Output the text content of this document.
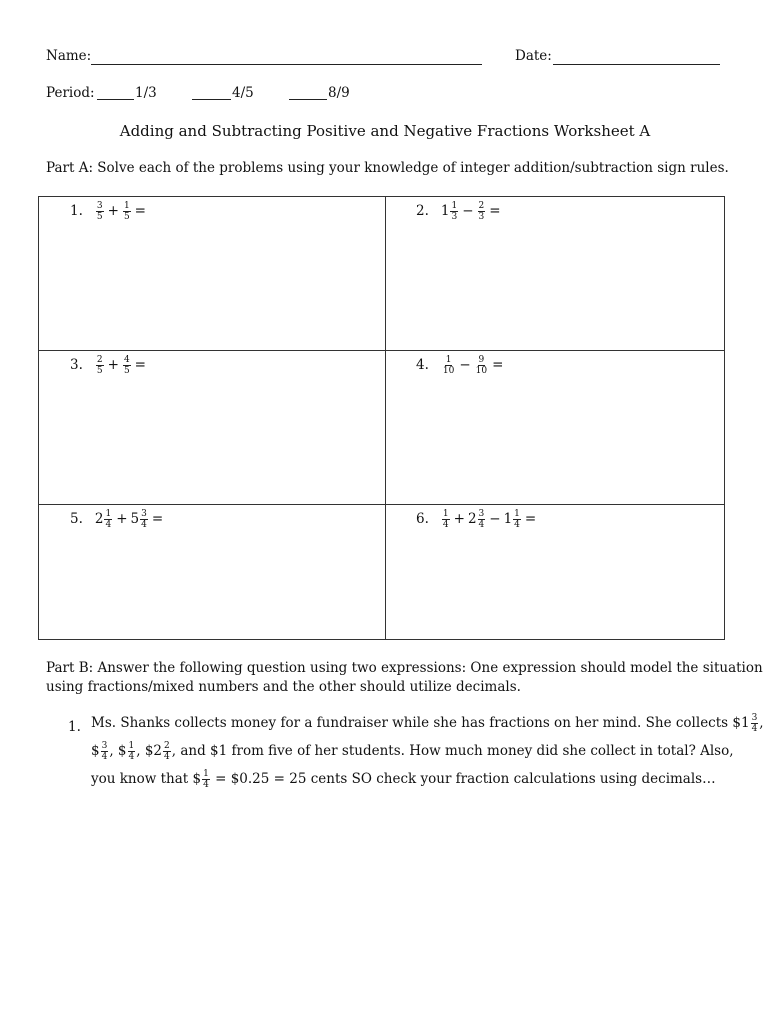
Name:	Date:
Period:	1/3	4/5	8/9
Adding and Subtracting Positive and Negative Fractions Worksheet A
Part A: Solve each of the problems using your knowledge of integer addition/subtraction sign rules.
1. $\frac{3}{5} + \frac{1}{5}$ =	2. $1 \frac{1}{3} - \frac{2}{3}$ =
3. $\frac{2}{5} + \frac{4}{5}$ =	4. $\frac{1}{10} - \frac{9}{10}$ =
5. $2 \frac{1}{4} + 5 \frac{3}{4}$ =	6. $\frac{1}{4} + 2 \frac{3}{4} - 1 \frac{1}{4}$ =
Part B: Answer the following question using two expressions: One expression should model the situation
using fractions/mixed numbers and the other should utilize decimals.
1. Ms. Shanks collects money for a fundraiser while she has fractions on her mind. She collects $1 $\frac{3}{4}$ ,
$ $\frac{3}{4}$ , $ $\frac{1}{4}$ , $2 $\frac{2}{4}$ , and $1 from five of her students. How much money did she collect in total? Also,
you know that $ $\frac{1}{4}$ = $0.25 = 25 cents SO check your fraction calculations using decimals…
